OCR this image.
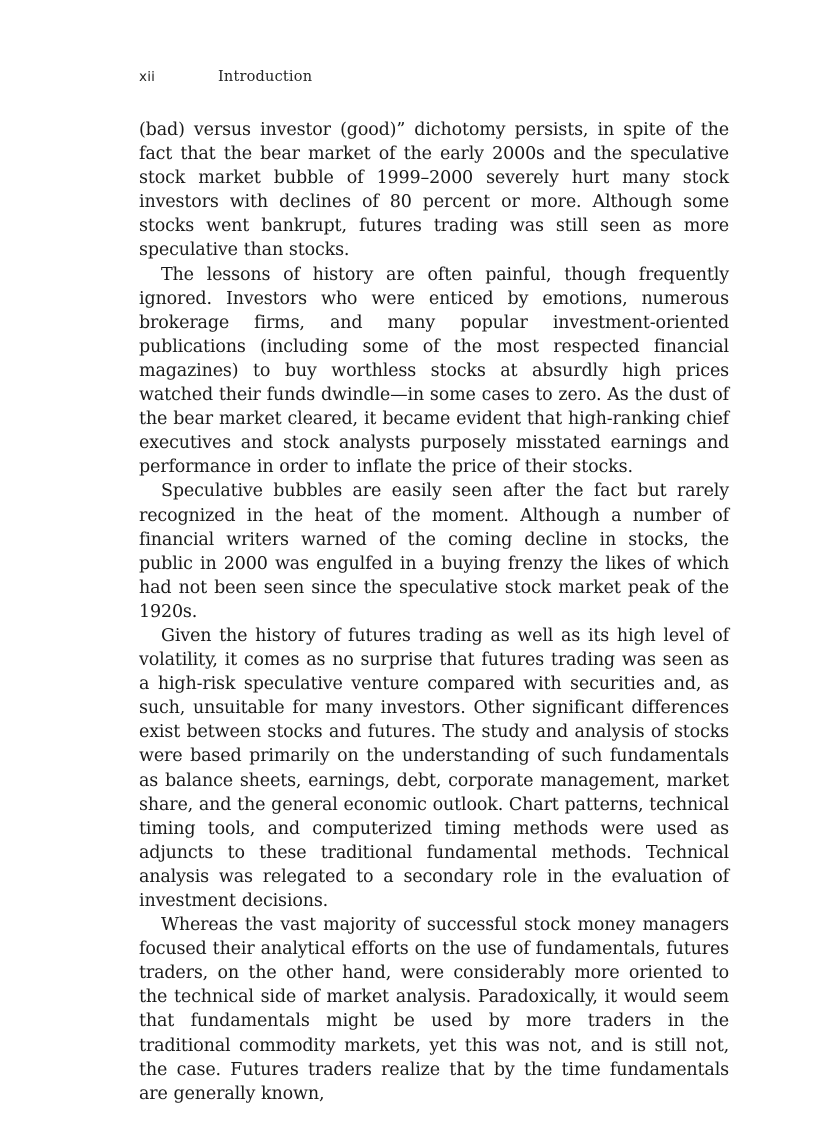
xii	Introduction

(bad) versus investor (good)” dichotomy persists, in spite of the fact that the bear market of the early 2000s and the speculative stock market bubble of 1999–2000 severely hurt many stock investors with declines of 80 percent or more. Although some stocks went bankrupt, futures trading was still seen as more speculative than stocks.

The lessons of history are often painful, though frequently ignored. Investors who were enticed by emotions, numerous brokerage firms, and many popular investment-oriented publications (including some of the most respected financial magazines) to buy worthless stocks at absurdly high prices watched their funds dwindle—in some cases to zero. As the dust of the bear market cleared, it became evident that high-ranking chief executives and stock analysts purposely misstated earnings and performance in order to inflate the price of their stocks.

Speculative bubbles are easily seen after the fact but rarely recognized in the heat of the moment. Although a number of financial writers warned of the coming decline in stocks, the public in 2000 was engulfed in a buying frenzy the likes of which had not been seen since the speculative stock market peak of the 1920s.

Given the history of futures trading as well as its high level of volatility, it comes as no surprise that futures trading was seen as a high-risk speculative venture compared with securities and, as such, unsuitable for many investors. Other significant differences exist between stocks and futures. The study and analysis of stocks were based primarily on the understanding of such fundamentals as balance sheets, earnings, debt, corporate management, market share, and the general economic outlook. Chart patterns, technical timing tools, and computerized timing methods were used as adjuncts to these traditional fundamental methods. Technical analysis was relegated to a secondary role in the evaluation of investment decisions.

Whereas the vast majority of successful stock money managers focused their analytical efforts on the use of fundamentals, futures traders, on the other hand, were considerably more oriented to the technical side of market analysis. Paradoxically, it would seem that fundamentals might be used by more traders in the traditional commodity markets, yet this was not, and is still not, the case. Futures traders realize that by the time fundamentals are generally known,
